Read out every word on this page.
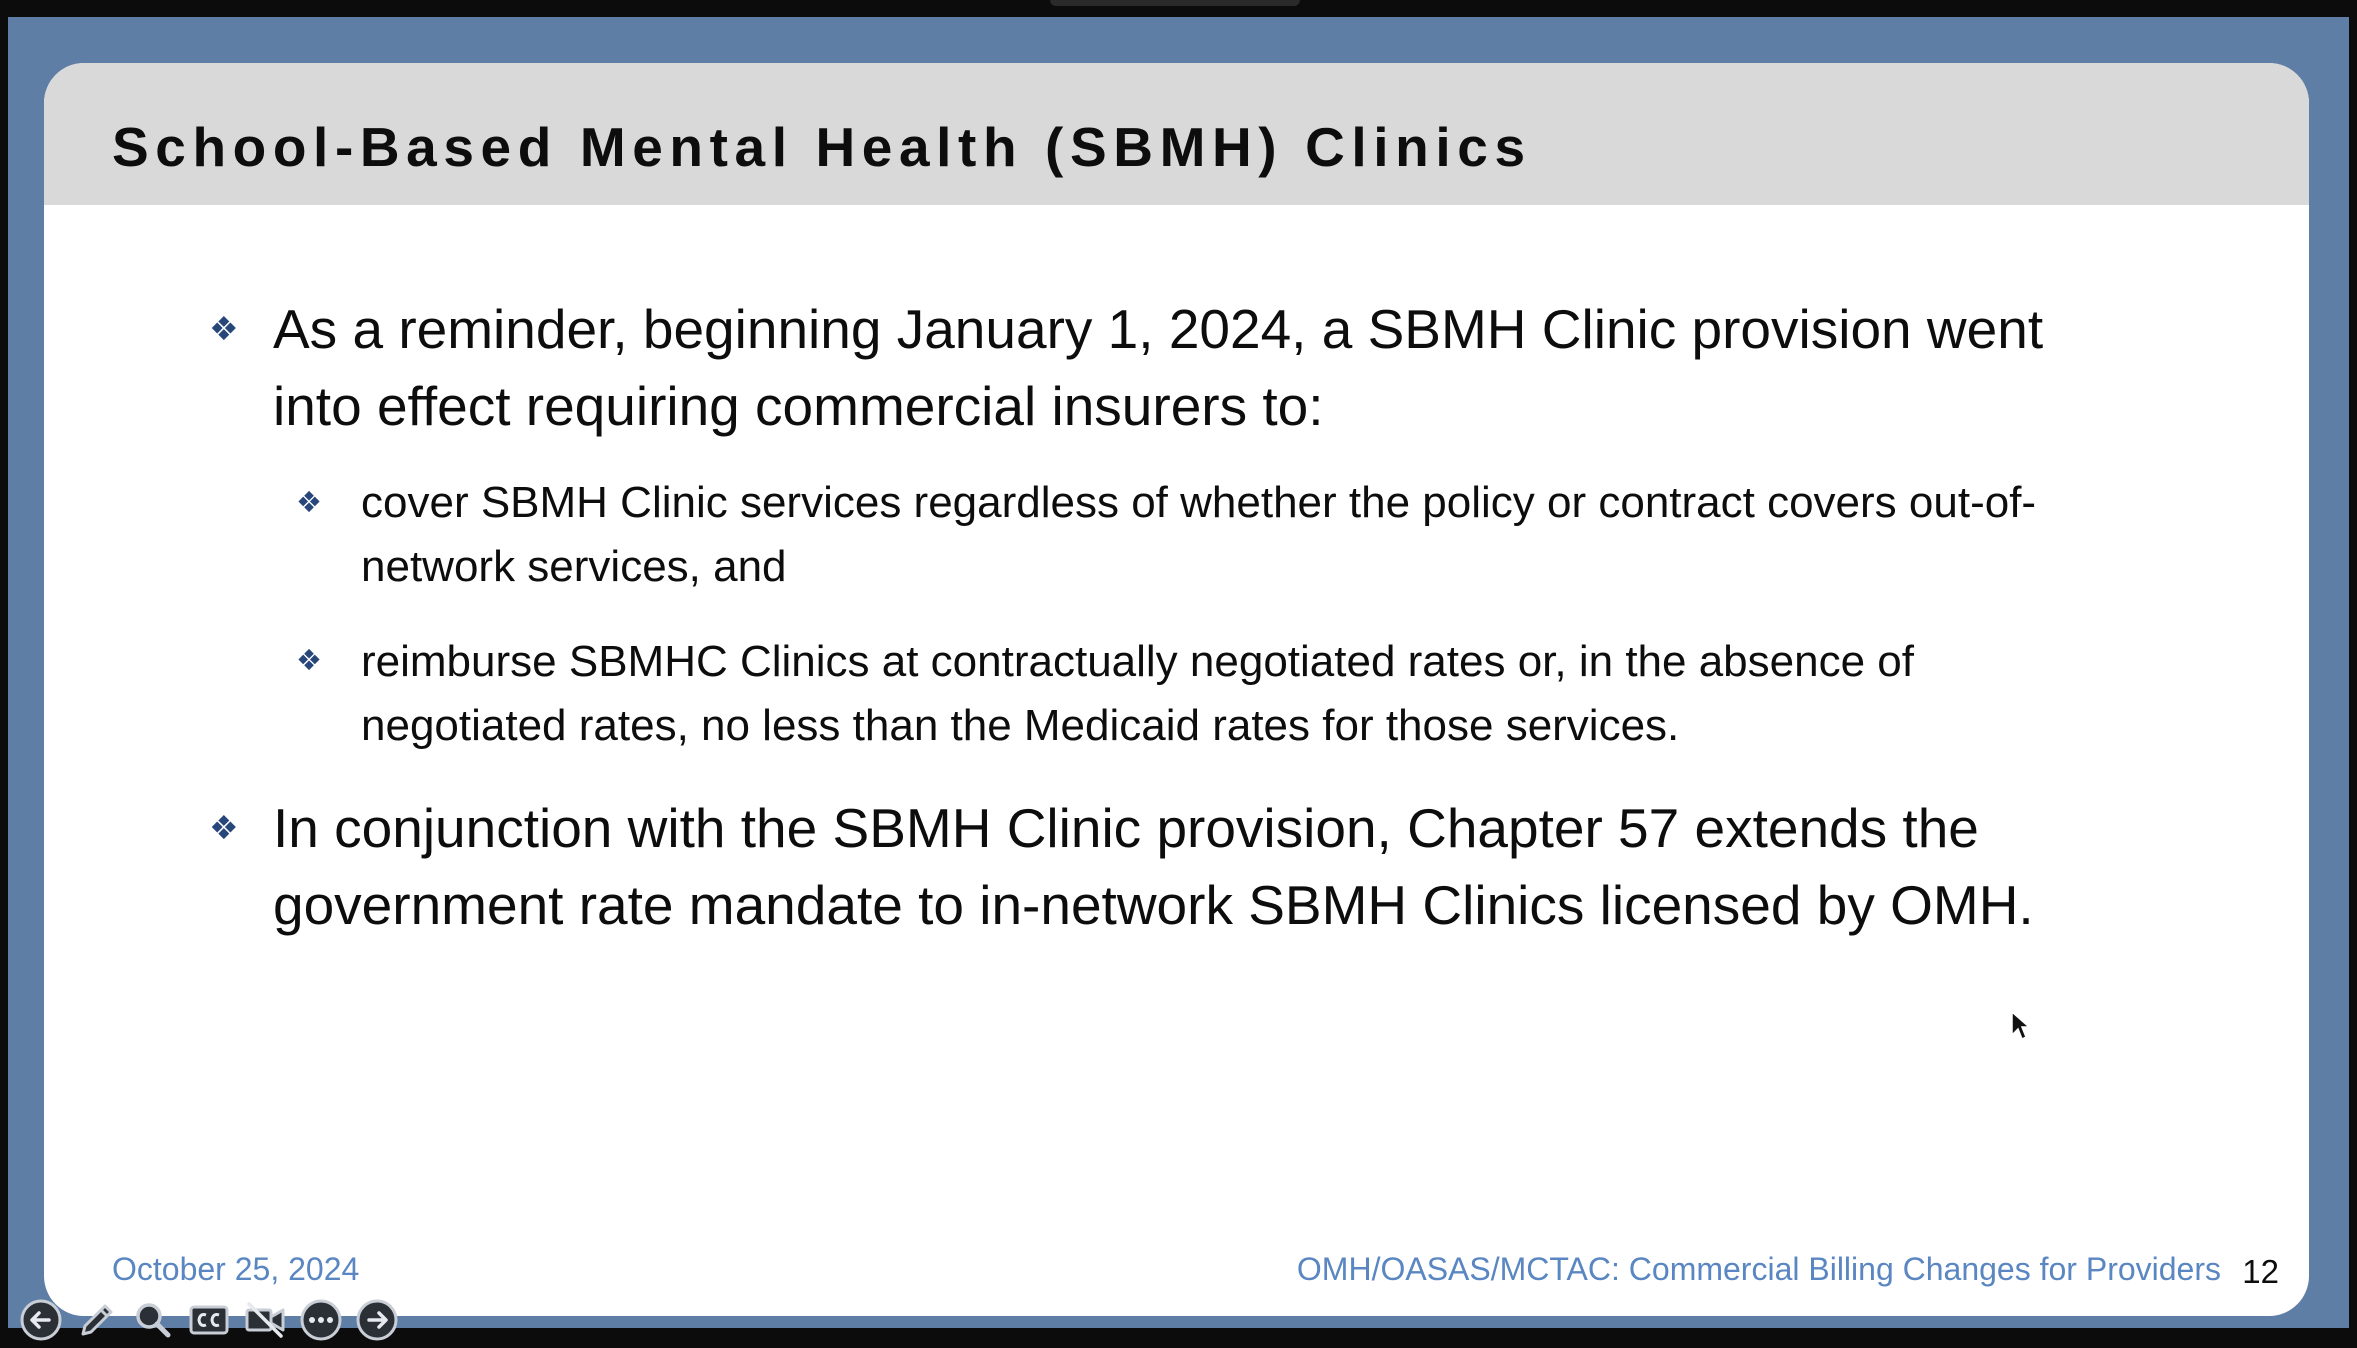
School-Based Mental Health (SBMH) Clinics
❖ As a reminder, beginning January 1, 2024, a SBMH Clinic provision went
into effect requiring commercial insurers to:
❖ cover SBMH Clinic services regardless of whether the policy or contract covers out-of-
network services, and
❖ reimburse SBMHC Clinics at contractually negotiated rates or, in the absence of
negotiated rates, no less than the Medicaid rates for those services.
❖ In conjunction with the SBMH Clinic provision, Chapter 57 extends the
government rate mandate to in-network SBMH Clinics licensed by OMH.
October 25, 2024	OMH/OASAS/MCTAC: Commercial Billing Changes for Providers 12
